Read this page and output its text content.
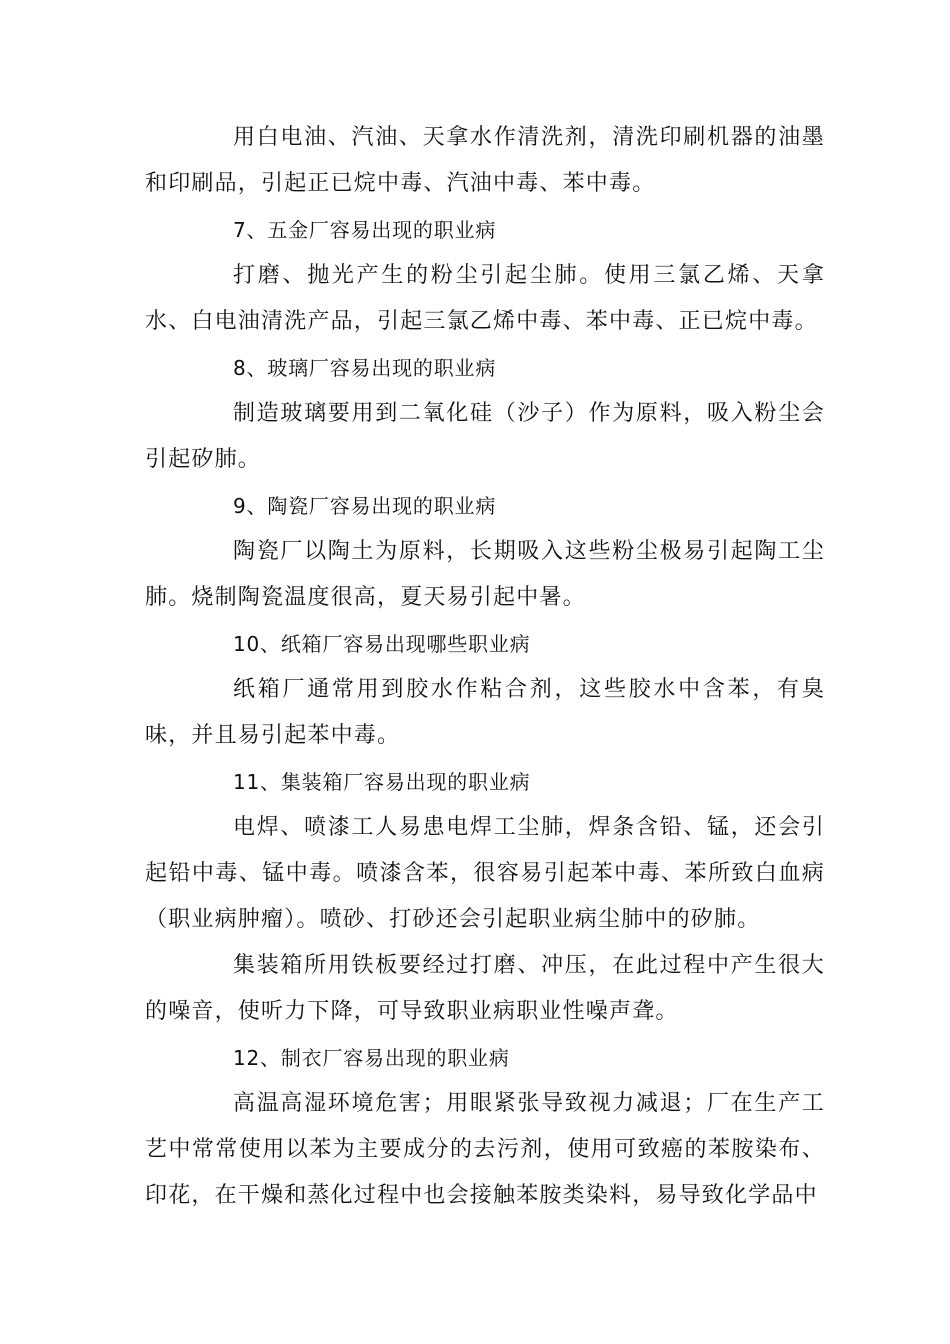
用白电油、汽油、天拿水作清洗剂，清洗印刷机器的油墨和印刷品，引起正已烷中毒、汽油中毒、苯中毒。

7、五金厂容易出现的职业病

打磨、抛光产生的粉尘引起尘肺。使用三氯乙烯、天拿水、白电油清洗产品，引起三氯乙烯中毒、苯中毒、正已烷中毒。

8、玻璃厂容易出现的职业病

制造玻璃要用到二氧化硅（沙子）作为原料，吸入粉尘会引起矽肺。

9、陶瓷厂容易出现的职业病

陶瓷厂以陶土为原料，长期吸入这些粉尘极易引起陶工尘肺。烧制陶瓷温度很高，夏天易引起中暑。

10、纸箱厂容易出现哪些职业病

纸箱厂通常用到胶水作粘合剂，这些胶水中含苯，有臭味，并且易引起苯中毒。

11、集装箱厂容易出现的职业病

电焊、喷漆工人易患电焊工尘肺，焊条含铅、锰，还会引起铅中毒、锰中毒。喷漆含苯，很容易引起苯中毒、苯所致白血病（职业病肿瘤）。喷砂、打砂还会引起职业病尘肺中的矽肺。

集装箱所用铁板要经过打磨、冲压，在此过程中产生很大的噪音，使听力下降，可导致职业病职业性噪声聋。

12、制衣厂容易出现的职业病

高温高湿环境危害；用眼紧张导致视力减退；厂在生产工艺中常常使用以苯为主要成分的去污剂，使用可致癌的苯胺染布、印花，在干燥和蒸化过程中也会接触苯胺类染料，易导致化学品中
